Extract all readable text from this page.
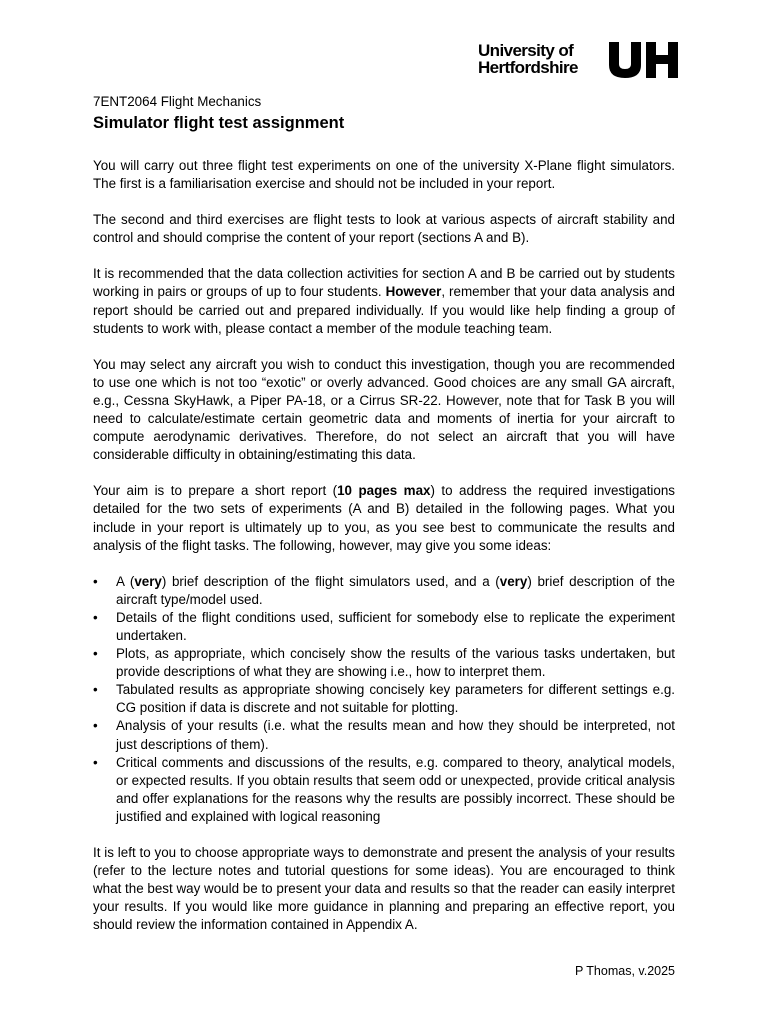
University of
Hertfordshire

7ENT2064 Flight Mechanics

Simulator flight test assignment

You will carry out three flight test experiments on one of the university X-Plane flight simulators. The first is a familiarisation exercise and should not be included in your report.

The second and third exercises are flight tests to look at various aspects of aircraft stability and control and should comprise the content of your report (sections A and B).

It is recommended that the data collection activities for section A and B be carried out by students working in pairs or groups of up to four students. However, remember that your data analysis and report should be carried out and prepared individually. If you would like help finding a group of students to work with, please contact a member of the module teaching team.

You may select any aircraft you wish to conduct this investigation, though you are recommended to use one which is not too “exotic” or overly advanced. Good choices are any small GA aircraft, e.g., Cessna SkyHawk, a Piper PA-18, or a Cirrus SR-22. However, note that for Task B you will need to calculate/estimate certain geometric data and moments of inertia for your aircraft to compute aerodynamic derivatives. Therefore, do not select an aircraft that you will have considerable difficulty in obtaining/estimating this data.

Your aim is to prepare a short report (10 pages max) to address the required investigations detailed for the two sets of experiments (A and B) detailed in the following pages. What you include in your report is ultimately up to you, as you see best to communicate the results and analysis of the flight tasks. The following, however, may give you some ideas:

•	A (very) brief description of the flight simulators used, and a (very) brief description of the aircraft type/model used.
•	Details of the flight conditions used, sufficient for somebody else to replicate the experiment undertaken.
•	Plots, as appropriate, which concisely show the results of the various tasks undertaken, but provide descriptions of what they are showing i.e., how to interpret them.
•	Tabulated results as appropriate showing concisely key parameters for different settings e.g. CG position if data is discrete and not suitable for plotting.
•	Analysis of your results (i.e. what the results mean and how they should be interpreted, not just descriptions of them).
•	Critical comments and discussions of the results, e.g. compared to theory, analytical models, or expected results. If you obtain results that seem odd or unexpected, provide critical analysis and offer explanations for the reasons why the results are possibly incorrect. These should be justified and explained with logical reasoning

It is left to you to choose appropriate ways to demonstrate and present the analysis of your results (refer to the lecture notes and tutorial questions for some ideas). You are encouraged to think what the best way would be to present your data and results so that the reader can easily interpret your results. If you would like more guidance in planning and preparing an effective report, you should review the information contained in Appendix A.

P Thomas, v.2025
